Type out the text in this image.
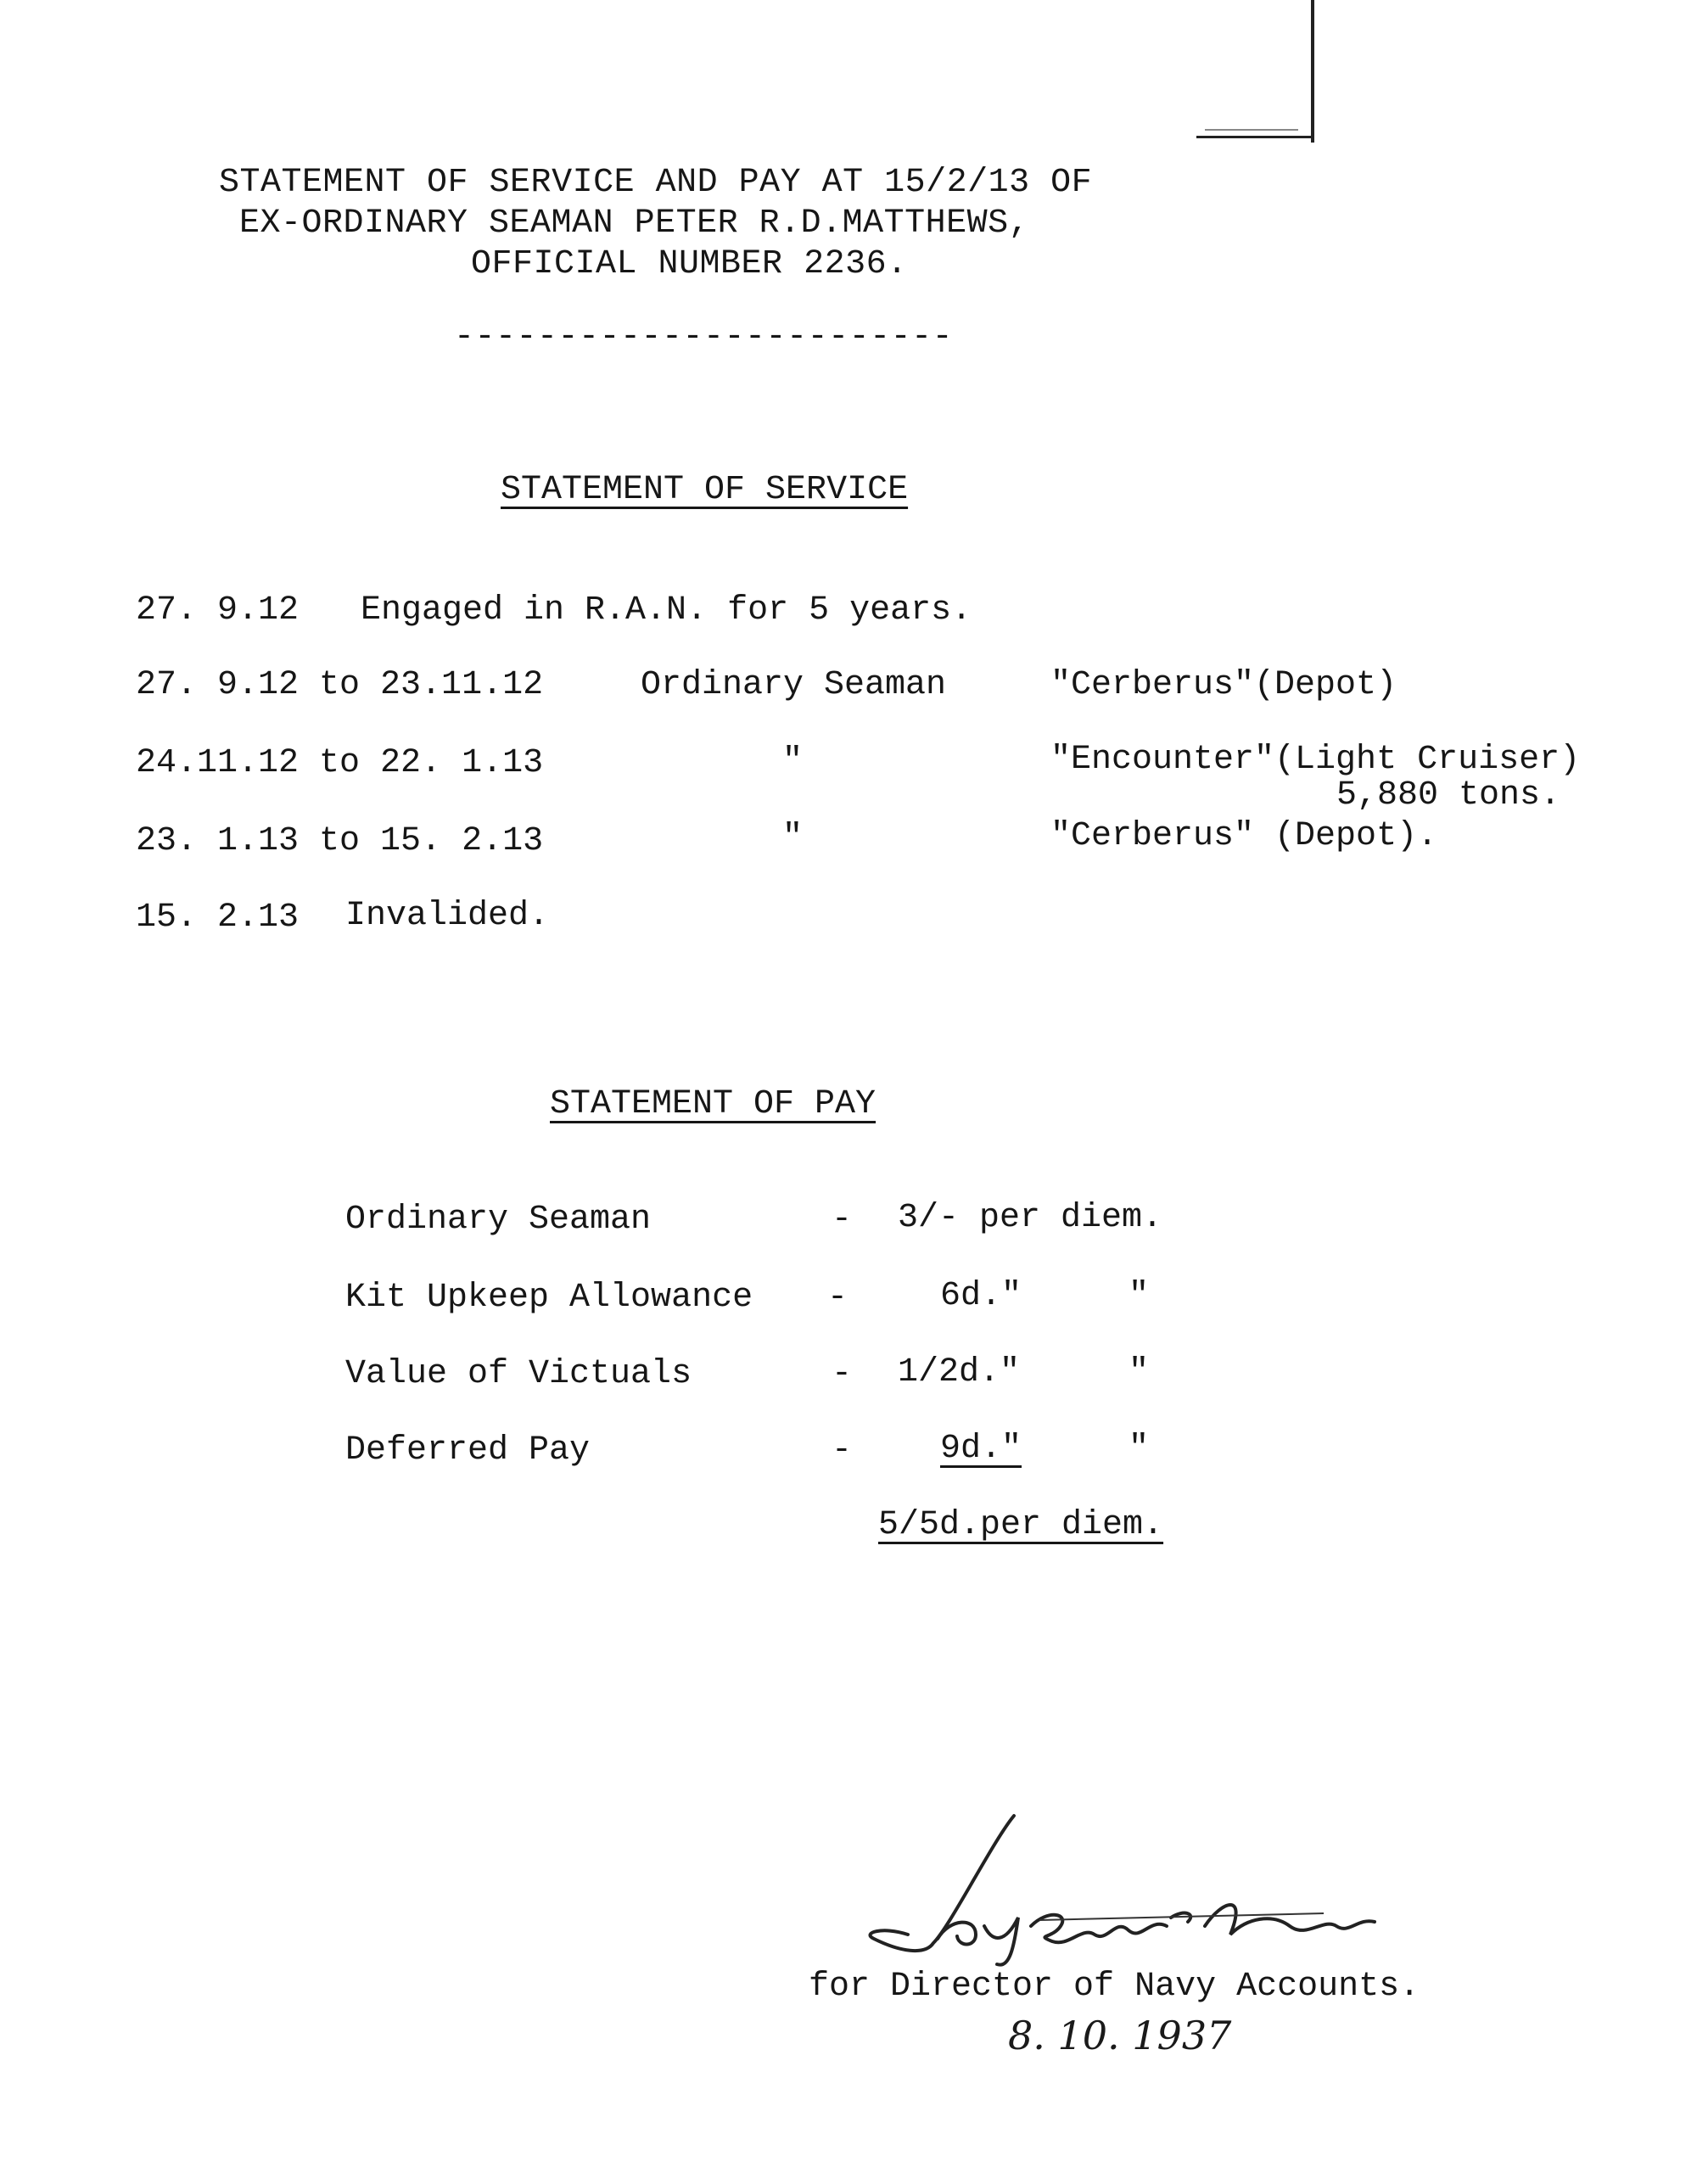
STATEMENT OF SERVICE AND PAY AT 15/2/13 OF
EX-ORDINARY SEAMAN PETER R.D.MATTHEWS,
OFFICIAL NUMBER 2236.
------------------------
STATEMENT OF SERVICE
27. 9.12 Engaged in R.A.N. for 5 years.
27. 9.12 to 23.11.12	Ordinary Seaman	"Cerberus"(Depot)
24.11.12 to 22. 1.13	"	"Encounter"(Light Cruiser)
5,880 tons.
23. 1.13 to 15. 2.13	"	"Cerberus" (Depot).
15. 2.13 Invalided.
STATEMENT OF PAY
Ordinary Seaman	- 3/- per diem.
Kit Upkeep Allowance -	6d."	"
Value of Victuals	- 1/2d."	"
Deferred Pay	-	9d."	"
5/5d.per diem.
for Director of Navy Accounts.
8. 10. 1937
